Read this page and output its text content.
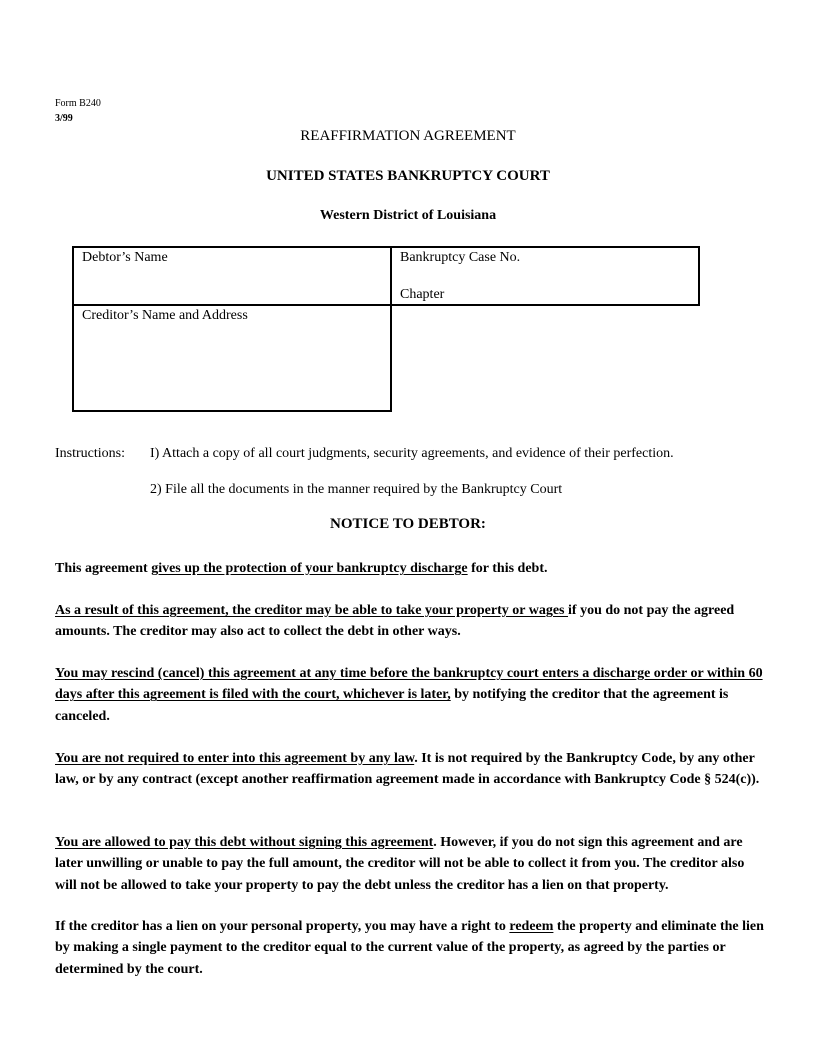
Form B240
3/99
REAFFIRMATION AGREEMENT
UNITED STATES BANKRUPTCY COURT
Western District of Louisiana
Debtor’s Name	Bankruptcy Case No.
Chapter
Creditor’s Name and Address
Instructions: I) Attach a copy of all court judgments, security agreements, and evidence of their perfection.
2) File all the documents in the manner required by the Bankruptcy Court
NOTICE TO DEBTOR:
This agreement gives up the protection of your bankruptcy discharge for this debt.
As a result of this agreement, the creditor may be able to take your property or wages if you do not pay the agreed amounts. The creditor may also act to collect the debt in other ways.
You may rescind (cancel) this agreement at any time before the bankruptcy court enters a discharge order or within 60 days after this agreement is filed with the court, whichever is later, by notifying the creditor that the agreement is canceled.
You are not required to enter into this agreement by any law. It is not required by the Bankruptcy Code, by any other law, or by any contract (except another reaffirmation agreement made in accordance with Bankruptcy Code § 524(c)).
You are allowed to pay this debt without signing this agreement. However, if you do not sign this agreement and are later unwilling or unable to pay the full amount, the creditor will not be able to collect it from you. The creditor also will not be allowed to take your property to pay the debt unless the creditor has a lien on that property.
If the creditor has a lien on your personal property, you may have a right to redeem the property and eliminate the lien by making a single payment to the creditor equal to the current value of the property, as agreed by the parties or determined by the court.
